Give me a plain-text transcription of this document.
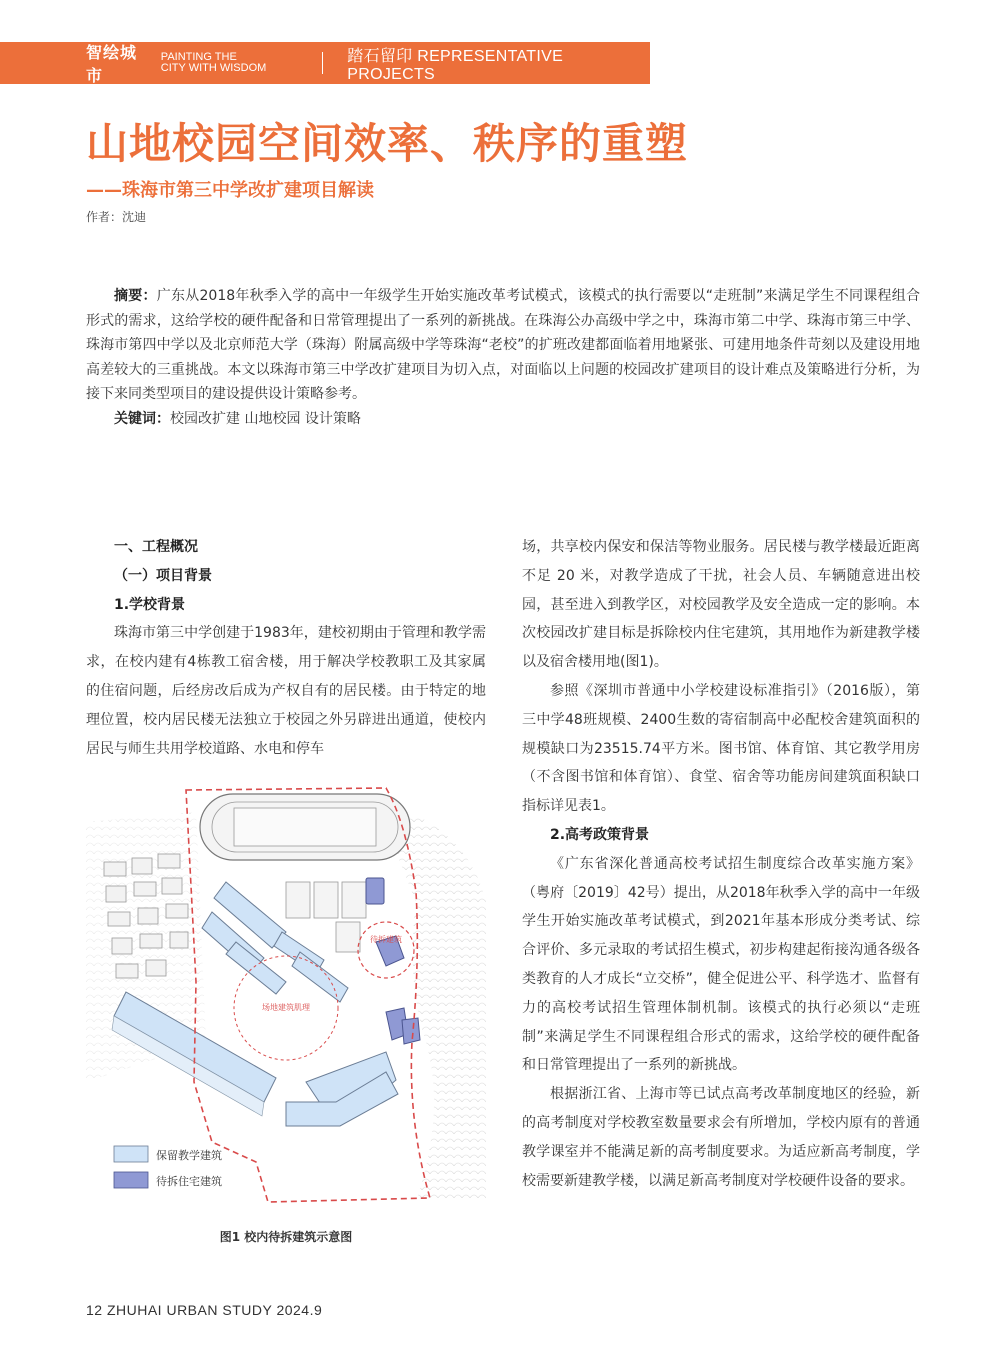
智绘城市
PAINTING THE
CITY WITH WISDOM
踏石留印 REPRESENTATIVE PROJECTS
山地校园空间效率、秩序的重塑
——珠海市第三中学改扩建项目解读
作者：沈迪

摘要：广东从2018年秋季入学的高中一年级学生开始实施改革考试模式，该模式的执行需要以“走班制”来满足学生不同课程组合形式的需求，这给学校的硬件配备和日常管理提出了一系列的新挑战。在珠海公办高级中学之中，珠海市第二中学、珠海市第三中学、珠海市第四中学以及北京师范大学（珠海）附属高级中学等珠海“老校”的扩班改建都面临着用地紧张、可建用地条件苛刻以及建设用地高差较大的三重挑战。本文以珠海市第三中学改扩建项目为切入点，对面临以上问题的校园改扩建项目的设计难点及策略进行分析，为接下来同类型项目的建设提供设计策略参考。

关键词：校园改扩建 山地校园 设计策略

一、工程概况
（一）项目背景

1.学校背景

珠海市第三中学创建于1983年，建校初期由于管理和教学需求，在校内建有4栋教工宿舍楼，用于解决学校教职工及其家属的住宿问题，后经房改后成为产权自有的居民楼。由于特定的地理位置，校内居民楼无法独立于校园之外另辟进出通道，使校内居民与师生共用学校道路、水电和停车

待拆建筑
场地建筑肌理
保留教学建筑
待拆住宅建筑
图1 校内待拆建筑示意图

场，共享校内保安和保洁等物业服务。居民楼与教学楼最近距离不足 20 米，对教学造成了干扰，社会人员、车辆随意进出校园，甚至进入到教学区，对校园教学及安全造成一定的影响。本次校园改扩建目标是拆除校内住宅建筑，其用地作为新建教学楼以及宿舍楼用地(图1)。

参照《深圳市普通中小学校建设标准指引》（2016版），第三中学48班规模、2400生数的寄宿制高中必配校舍建筑面积的规模缺口为23515.74平方米。图书馆、体育馆、其它教学用房（不含图书馆和体育馆）、食堂、宿舍等功能房间建筑面积缺口指标详见表1。

2.高考政策背景

《广东省深化普通高校考试招生制度综合改革实施方案》（粤府〔2019〕42号）提出，从2018年秋季入学的高中一年级学生开始实施改革考试模式，到2021年基本形成分类考试、综合评价、多元录取的考试招生模式，初步构建起衔接沟通各级各类教育的人才成长“立交桥”，健全促进公平、科学选才、监督有力的高校考试招生管理体制机制。该模式的执行必须以“走班制”来满足学生不同课程组合形式的需求，这给学校的硬件配备和日常管理提出了一系列的新挑战。

根据浙江省、上海市等已试点高考改革制度地区的经验，新的高考制度对学校教室数量要求会有所增加，学校内原有的普通教学课室并不能满足新的高考制度要求。为适应新高考制度，学校需要新建教学楼，以满足新高考制度对学校硬件设备的要求。

12 ZHUHAI URBAN STUDY 2024.9
